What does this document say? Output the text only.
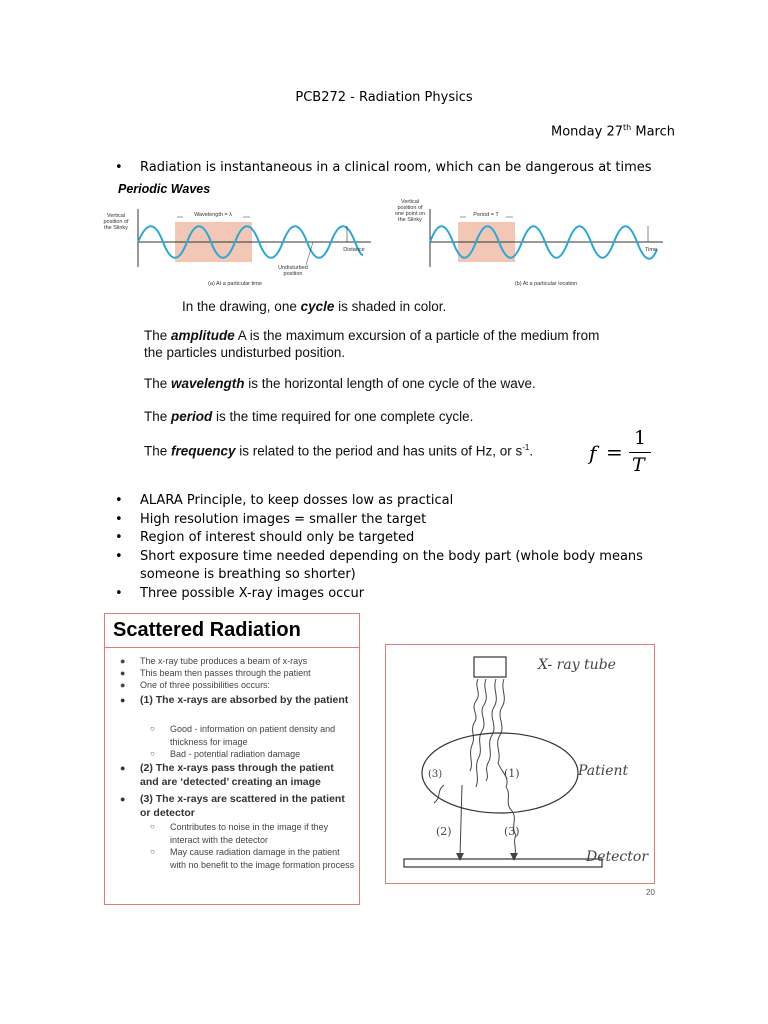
PCB272 - Radiation Physics
Monday 27th March
• Radiation is instantaneous in a clinical room, which can be dangerous at times
Periodic Waves
Vertical position of the Slinky
Wavelength = λ
Distance
Undisturbed position
(a) At a particular time
Vertical position of one point on the Slinky
Period = T
Time
(b) At a particular location
In the drawing, one cycle is shaded in color.
The amplitude A is the maximum excursion of a particle of the medium from
the particles undisturbed position.
The wavelength is the horizontal length of one cycle of the wave.
The period is the time required for one complete cycle.
The frequency is related to the period and has units of Hz, or $s^{-1}$.	f =
1
T
• ALARA Principle, to keep dosses low as practical
• High resolution images = smaller the target
• Region of interest should only be targeted
• Short exposure time needed depending on the body part (whole body means someone is breathing so shorter)
• Three possible X-ray images occur
Scattered Radiation
● The x-ray tube produces a beam of x-rays
● This beam then passes through the patient
● One of three possibilities occurs:
● (1) The x-rays are absorbed by the patient
○ Good - information on patient density and thickness for image
○ Bad - potential radiation damage
● (2) The x-rays pass through the patient and are ‘detected’ creating an image
● (3) The x-rays are scattered in the patient or detector
○ Contributes to noise in the image if they interact with the detector
○ May cause radiation damage in the patient with no benefit to the image formation process
X- ray tube
Patient
Detector
(3)	(1)
(2)	(3)
20
